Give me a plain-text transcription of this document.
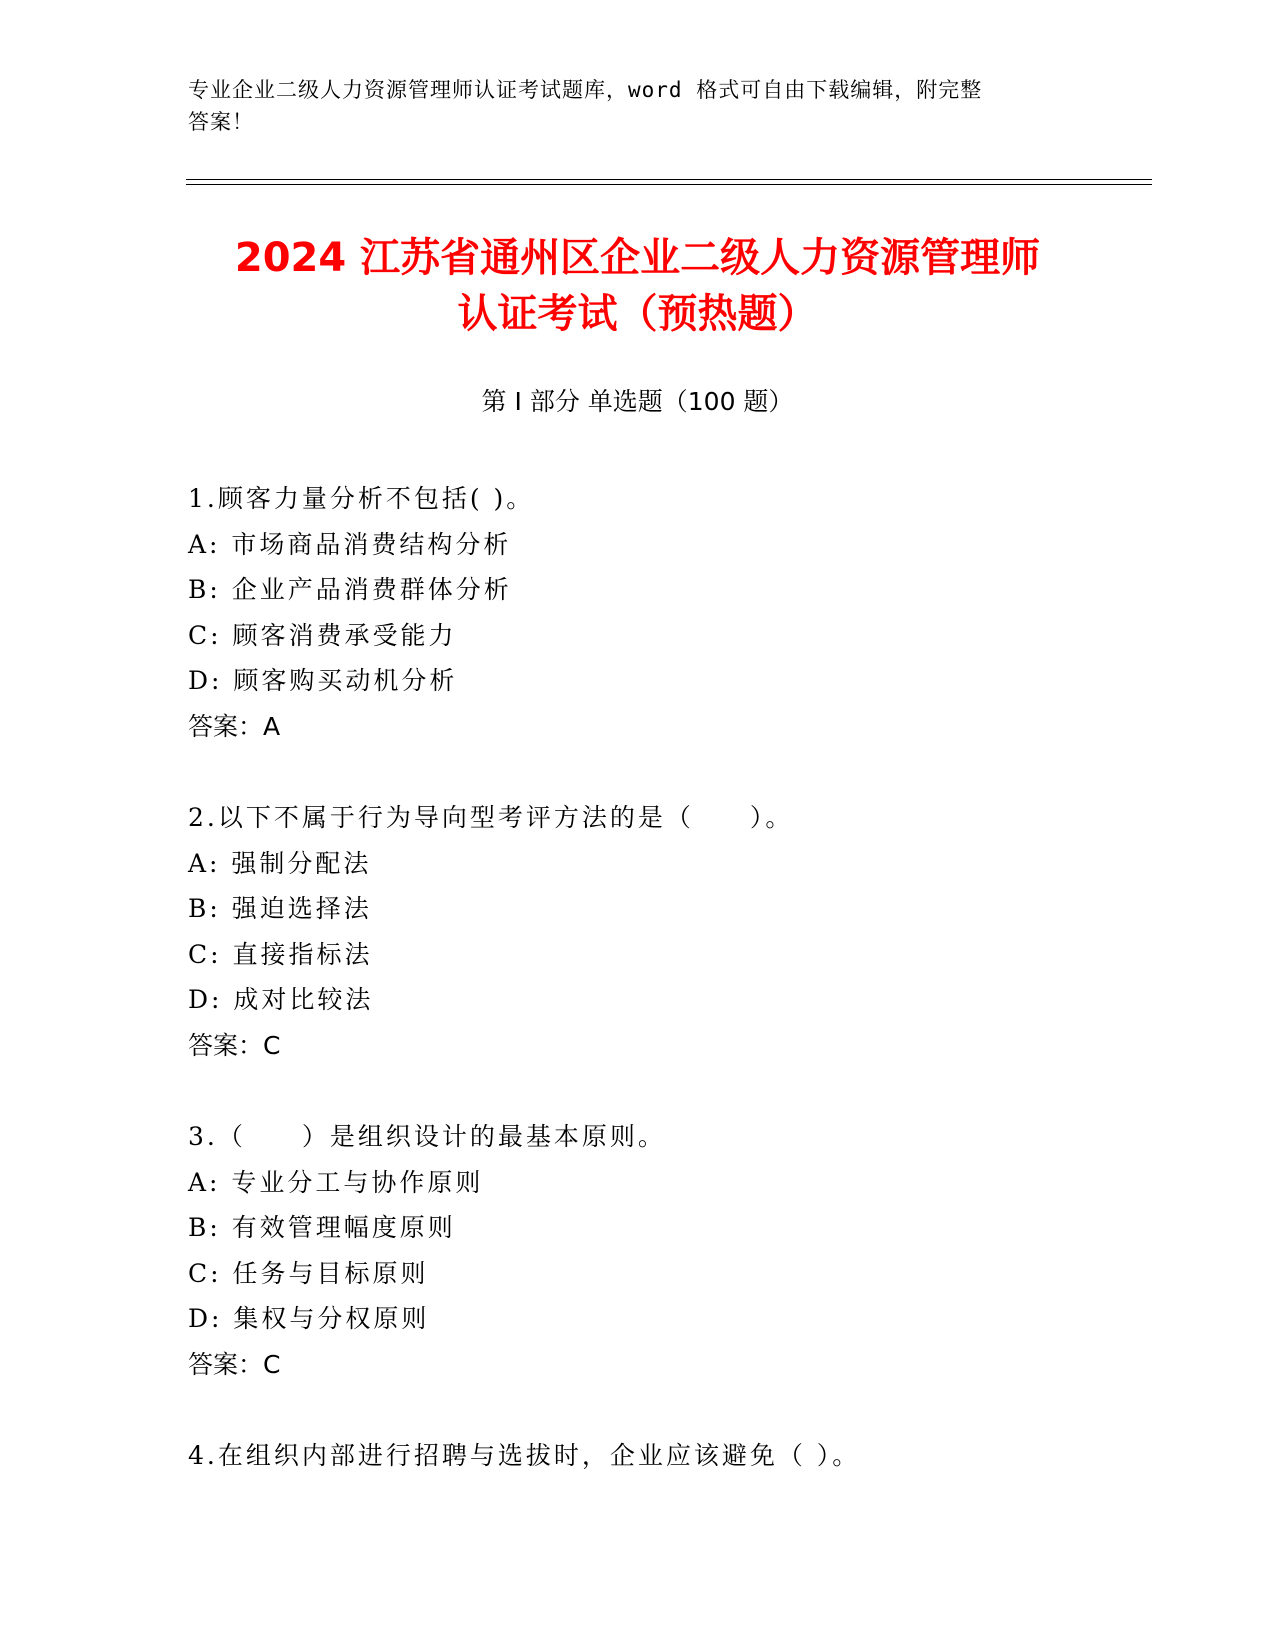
专业企业二级人力资源管理师认证考试题库，word 格式可自由下载编辑，附完整
答案！
2024 江苏省通州区企业二级人力资源管理师
认证考试（预热题）
第 I 部分 单选题（100 题）
1.顾客力量分析不包括( )。
A: 市场商品消费结构分析
B: 企业产品消费群体分析
C: 顾客消费承受能力
D: 顾客购买动机分析
答案：A
2.以下不属于行为导向型考评方法的是（　　）。
A: 强制分配法
B: 强迫选择法
C: 直接指标法
D: 成对比较法
答案：C
3.（　　）是组织设计的最基本原则。
A: 专业分工与协作原则
B: 有效管理幅度原则
C: 任务与目标原则
D: 集权与分权原则
答案：C
4.在组织内部进行招聘与选拔时，企业应该避免（ ）。
